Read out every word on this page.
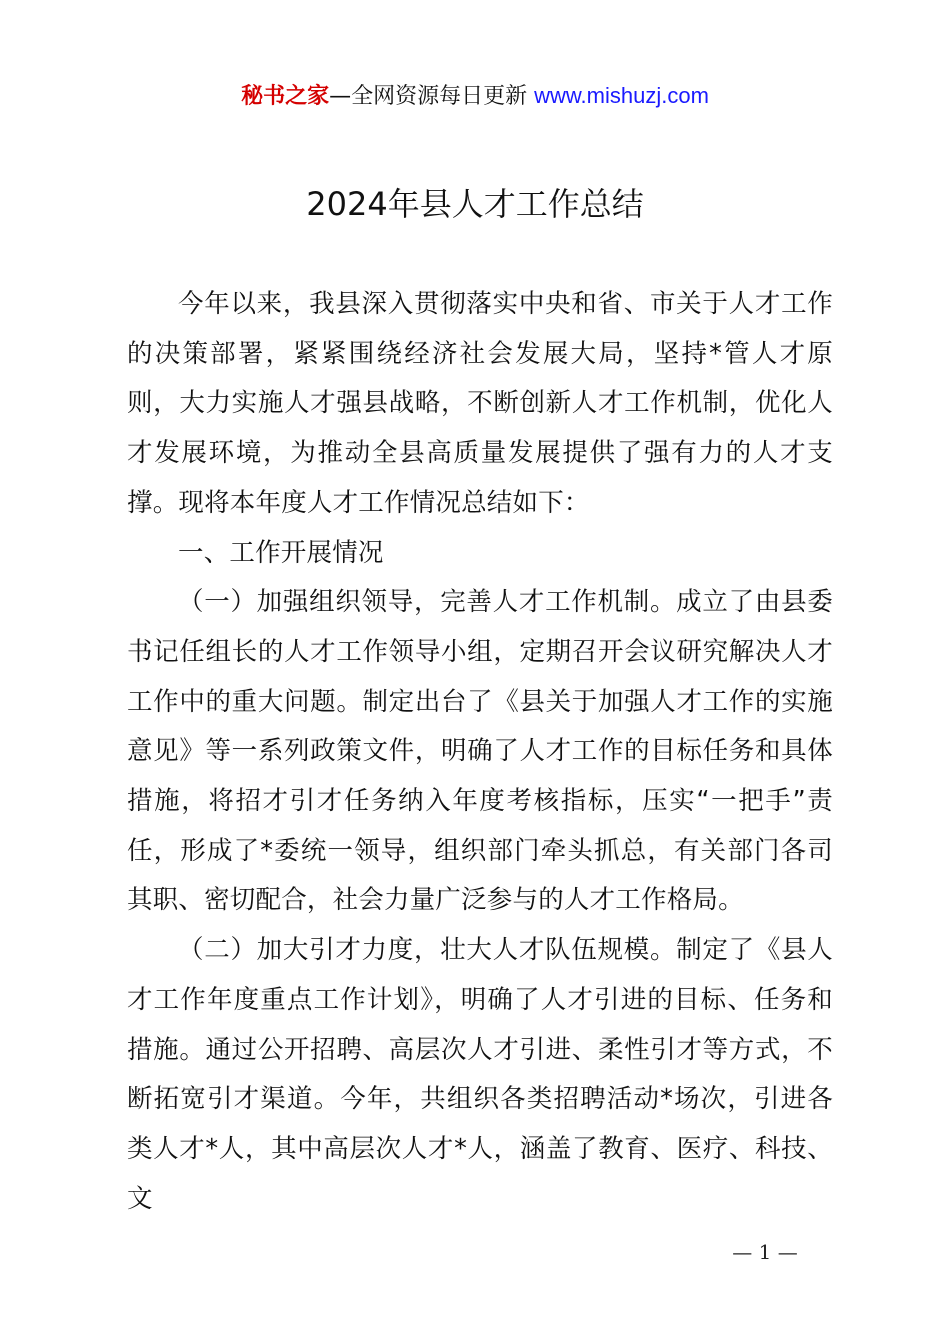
秘书之家—全网资源每日更新 www.mishuzj.com
2024年县人才工作总结

今年以来，我县深入贯彻落实中央和省、市关于人才工作的决策部署，紧紧围绕经济社会发展大局，坚持*管人才原则，大力实施人才强县战略，不断创新人才工作机制，优化人才发展环境，为推动全县高质量发展提供了强有力的人才支撑。现将本年度人才工作情况总结如下：

一、工作开展情况

（一）加强组织领导，完善人才工作机制。成立了由县委书记任组长的人才工作领导小组，定期召开会议研究解决人才工作中的重大问题。制定出台了《县关于加强人才工作的实施意见》等一系列政策文件，明确了人才工作的目标任务和具体措施，将招才引才任务纳入年度考核指标，压实“一把手”责任，形成了*委统一领导，组织部门牵头抓总，有关部门各司其职、密切配合，社会力量广泛参与的人才工作格局。

（二）加大引才力度，壮大人才队伍规模。制定了《县人才工作年度重点工作计划》，明确了人才引进的目标、任务和措施。通过公开招聘、高层次人才引进、柔性引才等方式，不断拓宽引才渠道。今年，共组织各类招聘活动*场次，引进各类人才*人，其中高层次人才*人，涵盖了教育、医疗、科技、文

— 1 —
